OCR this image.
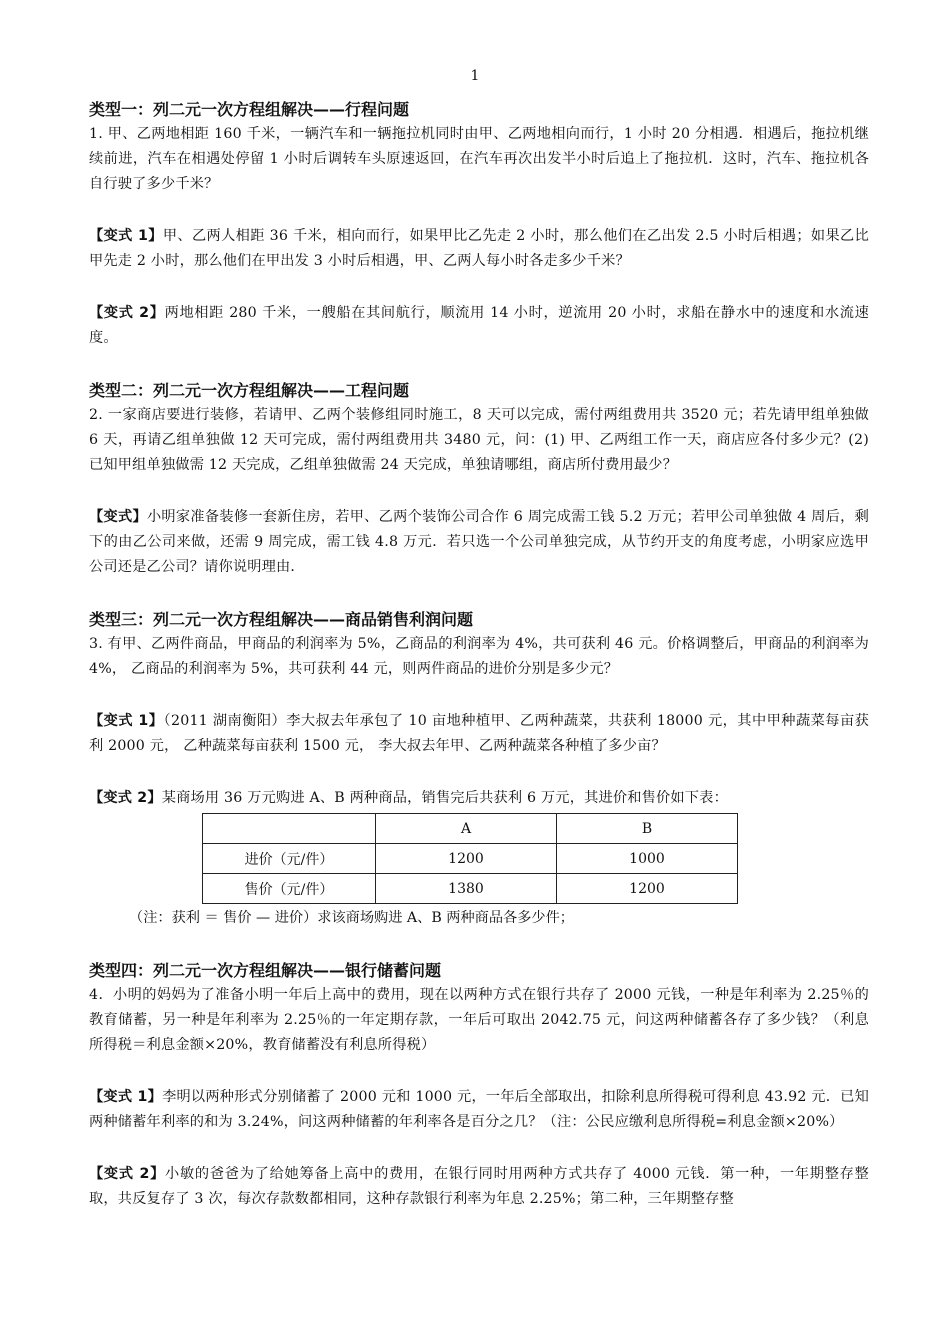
1

类型一：列二元一次方程组解决——行程问题

1. 甲、乙两地相距 160 千米，一辆汽车和一辆拖拉机同时由甲、乙两地相向而行，1 小时 20 分相遇．相遇后，拖拉机继续前进，汽车在相遇处停留 1 小时后调转车头原速返回，在汽车再次出发半小时后追上了拖拉机．这时，汽车、拖拉机各自行驶了多少千米？

【变式 1】甲、乙两人相距 36 千米，相向而行，如果甲比乙先走 2 小时，那么他们在乙出发 2.5 小时后相遇；如果乙比甲先走 2 小时，那么他们在甲出发 3 小时后相遇，甲、乙两人每小时各走多少千米？

【变式 2】两地相距 280 千米，一艘船在其间航行，顺流用 14 小时，逆流用 20 小时，求船在静水中的速度和水流速度。

类型二：列二元一次方程组解决——工程问题

2. 一家商店要进行装修，若请甲、乙两个装修组同时施工，8 天可以完成，需付两组费用共 3520 元；若先请甲组单独做 6 天，再请乙组单独做 12 天可完成，需付两组费用共 3480 元，问：(1) 甲、乙两组工作一天，商店应各付多少元？(2) 已知甲组单独做需 12 天完成，乙组单独做需 24 天完成，单独请哪组，商店所付费用最少？

【变式】小明家准备装修一套新住房，若甲、乙两个装饰公司合作 6 周完成需工钱 5.2 万元；若甲公司单独做 4 周后，剩下的由乙公司来做，还需 9 周完成，需工钱 4.8 万元．若只选一个公司单独完成，从节约开支的角度考虑，小明家应选甲公司还是乙公司？请你说明理由．

类型三：列二元一次方程组解决——商品销售利润问题

3. 有甲、乙两件商品，甲商品的利润率为 5%，乙商品的利润率为 4%，共可获利 46 元。价格调整后，甲商品的利润率为 4%， 乙商品的利润率为 5%，共可获利 44 元，则两件商品的进价分别是多少元？

【变式 1】（2011 湖南衡阳）李大叔去年承包了 10 亩地种植甲、乙两种蔬菜，共获利 18000 元，其中甲种蔬菜每亩获利 2000 元， 乙种蔬菜每亩获利 1500 元， 李大叔去年甲、乙两种蔬菜各种植了多少亩？

【变式 2】某商场用 36 万元购进 A、B 两种商品，销售完后共获利 6 万元，其进价和售价如下表：

	A	B
进价（元/件）	1200	1000
售价（元/件）	1380	1200

（注：获利 ＝ 售价 — 进价）求该商场购进 A、B 两种商品各多少件；

类型四：列二元一次方程组解决——银行储蓄问题

4．小明的妈妈为了准备小明一年后上高中的费用，现在以两种方式在银行共存了 2000 元钱，一种是年利率为 2.25％的教育储蓄，另一种是年利率为 2.25％的一年定期存款，一年后可取出 2042.75 元，问这两种储蓄各存了多少钱？（利息所得税＝利息金额×20%，教育储蓄没有利息所得税）

【变式 1】李明以两种形式分别储蓄了 2000 元和 1000 元，一年后全部取出，扣除利息所得税可得利息 43.92 元．已知两种储蓄年利率的和为 3.24%，问这两种储蓄的年利率各是百分之几？（注：公民应缴利息所得税=利息金额×20%）

【变式 2】小敏的爸爸为了给她筹备上高中的费用，在银行同时用两种方式共存了 4000 元钱．第一种，一年期整存整取，共反复存了 3 次，每次存款数都相同，这种存款银行利率为年息 2.25%；第二种，三年期整存整
